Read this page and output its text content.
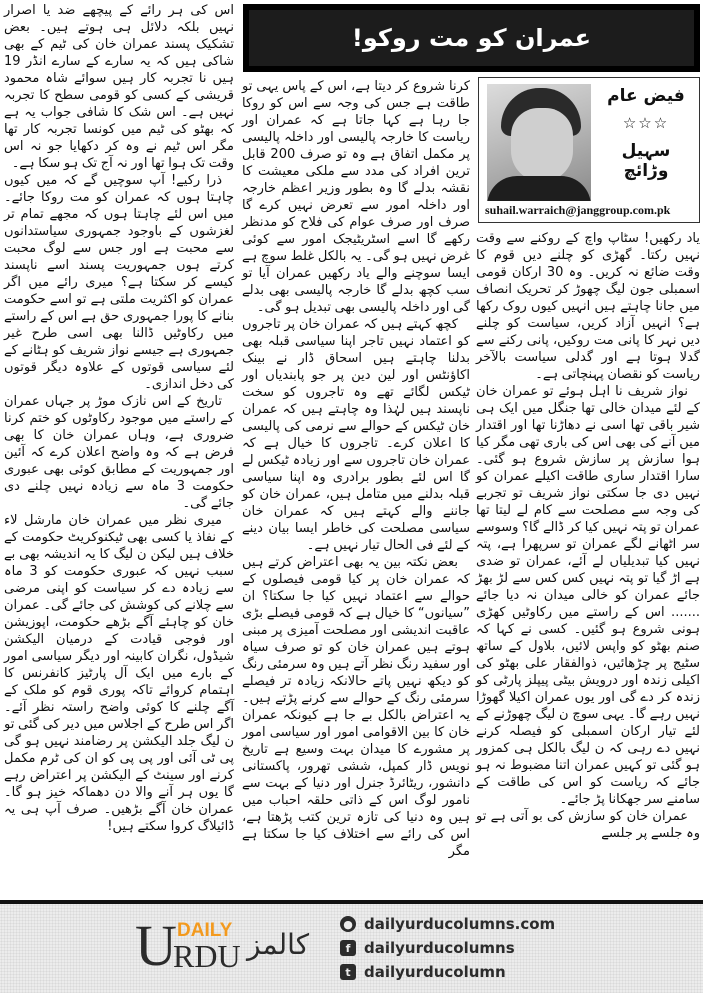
عمران کو مت روکو!
فیض عام
☆☆☆
سہیل وڑائچ
suhail.warraich@janggroup.com.pk

یاد رکھیں! سٹاپ واچ کے روکنے سے وقت نہیں رکتا۔ گھڑی کو چلنے دیں قوم کا وقت ضائع نہ کریں۔ وہ 30 ارکان قومی اسمبلی جون لیگ چھوڑ کر تحریک انصاف میں جانا چاہتے ہیں انہیں کیوں روک رکھا ہے؟ انہیں آزاد کریں، سیاست کو چلنے دیں نہر کا پانی مت روکیں، پانی رکنے سے گدلا ہوتا ہے اور گدلی سیاست بالآخر ریاست کو نقصان پہنچاتی ہے۔

نواز شریف نا اہل ہوئے تو عمران خان کے لئے میدان خالی تھا جنگل میں ایک ہی شیر باقی تھا اسی نے دھاڑنا تھا اور اقتدار میں آنے کی بھی اس کی باری تھی مگر کیا ہوا سازش پر سازش شروع ہو گئی۔ سارا اقتدار ساری طاقت اکیلے عمران کو نہیں دی جا سکتی نواز شریف تو تجربے کی وجہ سے مصلحت سے کام لے لیتا تھا عمران تو پتہ نہیں کیا کر ڈالے گا؟ وسوسے سر اٹھانے لگے عمران تو سرپھرا ہے، پتہ نہیں کیا تبدیلیاں لے آئے، عمران تو ضدی ہے اڑ گیا تو پتہ نہیں کس کس سے لڑ بھڑ جائے عمران کو خالی میدان نہ دیا جائے ....... اس کے راستے میں رکاوٹیں کھڑی ہونی شروع ہو گئیں۔ کسی نے کہا کہ صنم بھٹو کو واپس لائیں، بلاول کے ساتھ سٹیج پر چڑھائیں، ذوالفقار علی بھٹو کی اکیلی زندہ اور درویش بیٹی پیپلز پارٹی کو زندہ کر دے گی اور یوں عمران اکیلا گھوڑا نہیں رہے گا۔ یہی سوچ ن لیگ چھوڑنے کے لئے تیار ارکان اسمبلی کو فیصلہ کرنے نہیں دے رہی کہ ن لیگ بالکل ہی کمزور ہو گئی تو کہیں عمران اتنا مضبوط نہ ہو جائے کہ ریاست کو اس کی طاقت کے سامنے سر جھکانا پڑ جائے۔

عمران خان کو سازش کی بو آتی ہے تو وہ جلسے پر جلسے

کرنا شروع کر دیتا ہے، اس کے پاس یہی تو طاقت ہے جس کی وجہ سے اس کو روکا جا رہا ہے کہا جاتا ہے کہ عمران اور ریاست کا خارجہ پالیسی اور داخلہ پالیسی پر مکمل اتفاق ہے وہ تو صرف 200 قابل ترین افراد کی مدد سے ملکی معیشت کا نقشہ بدلے گا وہ بطور وزیر اعظم خارجہ اور داخلہ امور سے تعرض نہیں کرے گا صرف اور صرف عوام کی فلاح کو مدنظر رکھے گا اسے اسٹریٹیجک امور سے کوئی غرض نہیں ہو گی۔ یہ بالکل غلط سوچ ہے ایسا سوچنے والے یاد رکھیں عمران آیا تو سب کچھ بدلے گا خارجہ پالیسی بھی بدلے گی اور داخلہ پالیسی بھی تبدیل ہو گی۔

کچھ کہتے ہیں کہ عمران خان پر تاجروں کو اعتماد نہیں تاجر اپنا سیاسی قبلہ بھی بدلنا چاہتے ہیں اسحاق ڈار نے بینک اکاؤنٹس اور لین دین پر جو پابندیاں اور ٹیکس لگائے تھے وہ تاجروں کو سخت ناپسند ہیں لہٰذا وہ چاہتے ہیں کہ عمران خان ٹیکس کے حوالے سے نرمی کی پالیسی کا اعلان کرے۔ تاجروں کا خیال ہے کہ عمران خان تاجروں سے اور زیادہ ٹیکس لے گا اس لئے بطور برادری وہ اپنا سیاسی قبلہ بدلنے میں متامل ہیں، عمران خان کو جاننے والے کہتے ہیں کہ عمران خان سیاسی مصلحت کی خاطر ایسا بیان دینے کے لئے فی الحال تیار نہیں ہے۔

بعض نکتہ بین یہ بھی اعتراض کرتے ہیں کہ عمران خان پر کیا قومی فیصلوں کے حوالے سے اعتماد نہیں کیا جا سکتا؟ ان ”سیانوں“ کا خیال ہے کہ قومی فیصلے بڑی عاقبت اندیشی اور مصلحت آمیزی پر مبنی ہوتے ہیں عمران خان کو تو صرف سیاہ اور سفید رنگ نظر آتے ہیں وہ سرمئی رنگ کو دیکھ نہیں پاتے حالانکہ زیادہ تر فیصلے سرمئی رنگ کے حوالے سے کرنے پڑتے ہیں۔ یہ اعتراض بالکل بے جا ہے کیونکہ عمران خان کا بین الاقوامی امور اور سیاسی امور پر مشورے کا میدان بہت وسیع ہے تاریخ نویس ڈار کمپل، ششی تھرور، پاکستانی دانشور، ریٹائرڈ جنرل اور دنیا کے بہت سے نامور لوگ اس کے ذاتی حلقہ احباب میں ہیں وہ دنیا کی تازہ ترین کتب پڑھتا ہے، اس کی رائے سے اختلاف کیا جا سکتا ہے مگر

اس کی ہر رائے کے پیچھے ضد یا اصرار نہیں بلکہ دلائل ہی ہوتے ہیں۔ بعض تشکیک پسند عمران خان کی ٹیم کے بھی شاکی ہیں کہ یہ سارے کے سارے انڈر 19 ہیں نا تجربہ کار ہیں سوائے شاہ محمود قریشی کے کسی کو قومی سطح کا تجربہ نہیں ہے۔ اس شک کا شافی جواب یہ ہے کہ بھٹو کی ٹیم میں کونسا تجربہ کار تھا مگر اس ٹیم نے وہ کر دکھایا جو نہ اس وقت تک ہوا تھا اور نہ آج تک ہو سکا ہے۔

ذرا رکیے! آپ سوچیں گے کہ میں کیوں چاہتا ہوں کہ عمران کو مت روکا جائے۔ میں اس لئے چاہتا ہوں کہ مجھے تمام تر لغزشوں کے باوجود جمہوری سیاستدانوں سے محبت ہے اور جس سے لوگ محبت کرتے ہوں جمہوریت پسند اسے ناپسند کیسے کر سکتا ہے؟ میری رائے میں اگر عمران کو اکثریت ملتی ہے تو اسے حکومت بنانے کا پورا جمہوری حق ہے اس کے راستے میں رکاوٹیں ڈالنا بھی اسی طرح غیر جمہوری ہے جیسے نواز شریف کو ہٹانے کے لئے سیاسی قوتوں کے علاوہ دیگر قوتوں کی دخل اندازی۔

تاریخ کے اس نازک موڑ پر جہاں عمران کے راستے میں موجود رکاوٹوں کو ختم کرنا ضروری ہے، وہاں عمران خان کا بھی فرض ہے کہ وہ واضح اعلان کرے کہ آئین اور جمہوریت کے مطابق کوئی بھی عبوری حکومت 3 ماہ سے زیادہ نہیں چلنے دی جائے گی۔

میری نظر میں عمران خان مارشل لاء کے نفاذ یا کسی بھی ٹیکنوکریٹ حکومت کے خلاف ہیں لیکن ن لیگ کا یہ اندیشہ بھی بے سبب نہیں کہ عبوری حکومت کو 3 ماہ سے زیادہ دے کر سیاست کو اپنی مرضی سے چلانے کی کوشش کی جائے گی۔ عمران خان کو چاہئے آگے بڑھے حکومت، اپوزیشن اور فوجی قیادت کے درمیان الیکشن شیڈول، نگران کابینہ اور دیگر سیاسی امور کے بارے میں ایک آل پارٹیز کانفرنس کا اہتمام کروائے تاکہ پوری قوم کو ملک کے آگے چلنے کا کوئی واضح راستہ نظر آئے۔ اگر اس طرح کے اجلاس میں دیر کی گئی تو ن لیگ جلد الیکشن پر رضامند نہیں ہو گی پی ٹی آئی اور پی پی کو ان کی ٹرم مکمل کرنے اور سینٹ کے الیکشن پر اعتراض رہے گا یوں ہر آنے والا دن دھماکہ خیز ہو گا۔ عمران خان آگے بڑھیں۔ صرف آپ ہی یہ ڈائیلاگ کروا سکتے ہیں!

U DAILY
RDU کالمز
● dailyurducolumns.com
f dailyurducolumns
t dailyurducolumn
